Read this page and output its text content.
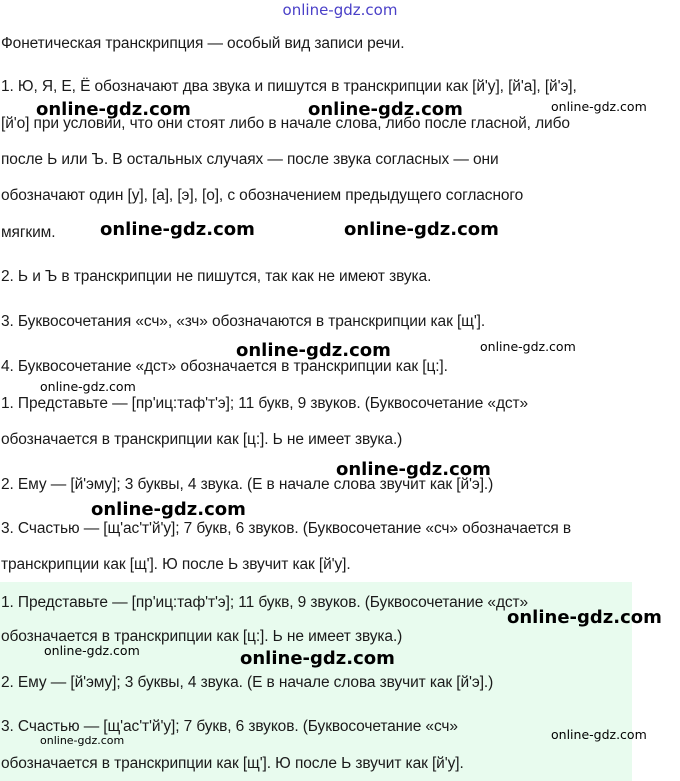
online-gdz.com
Фонетическая транскрипция — особый вид записи речи.
1. Ю, Я, Е, Ё обозначают два звука и пишутся в транскрипции как [й'у], [й'а], [й'э],
[й'о] при условии, что они стоят либо в начале слова, либо после гласной, либо
после Ь или Ъ. В остальных случаях — после звука согласных — они
обозначают один [у], [а], [э], [о], с обозначением предыдущего согласного
мягким.
2. Ь и Ъ в транскрипции не пишутся, так как не имеют звука.
3. Буквосочетания «сч», «зч» обозначаются в транскрипции как [щ'].
4. Буквосочетание «дст» обозначается в транскрипции как [ц:].
1. Представьте — [пр'иц:таф'т'э]; 11 букв, 9 звуков. (Буквосочетание «дст»
обозначается в транскрипции как [ц:]. Ь не имеет звука.)
2. Ему — [й'эму]; 3 буквы, 4 звука. (Е в начале слова звучит как [й'э].)
3. Счастью — [щ'ас'т'й'у]; 7 букв, 6 звуков. (Буквосочетание «сч» обозначается в
транскрипции как [щ']. Ю после Ь звучит как [й'у].
1. Представьте — [пр'иц:таф'т'э]; 11 букв, 9 звуков. (Буквосочетание «дст»
обозначается в транскрипции как [ц:]. Ь не имеет звука.)
2. Ему — [й'эму]; 3 буквы, 4 звука. (Е в начале слова звучит как [й'э].)
3. Счастью — [щ'ас'т'й'у]; 7 букв, 6 звуков. (Буквосочетание «сч»
обозначается в транскрипции как [щ']. Ю после Ь звучит как [й'у].
online-gdz.com	online-gdz.com	online-gdz.com
online-gdz.com	online-gdz.com
online-gdz.com	online-gdz.com
online-gdz.com
online-gdz.com
online-gdz.com
online-gdz.com
online-gdz.com	online-gdz.com
online-gdz.com
online-gdz.com
